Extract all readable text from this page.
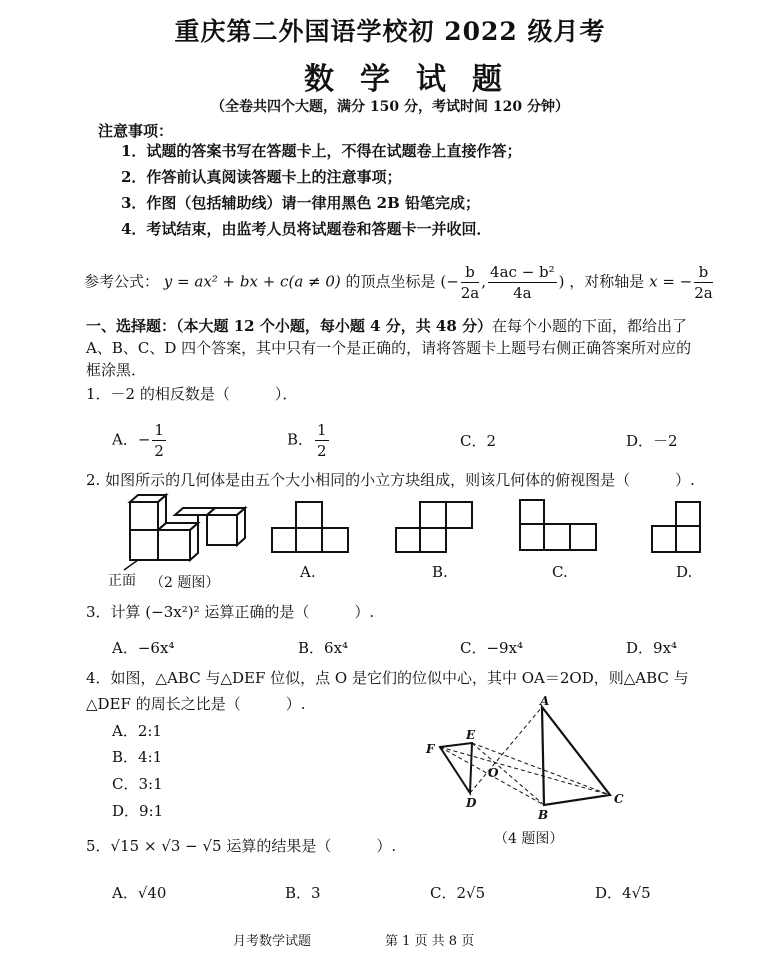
重庆第二外国语学校初 2022 级月考
数学试题
（全卷共四个大题，满分 150 分，考试时间 120 分钟）
注意事项：
1．试题的答案书写在答题卡上，不得在试题卷上直接作答；
2．作答前认真阅读答题卡上的注意事项；
3．作图（包括辅助线）请一律用黑色 2B 铅笔完成；
4．考试结束，由监考人员将试题卷和答题卡一并收回．
参考公式： y = ax² + bx + c(a ≠ 0) 的顶点坐标是 (− $\frac{b}{2a}$ , $\frac{\text{4ac − b²}}{4a}$ ) ，对称轴是 x = − $\frac{b}{2a}$
一、选择题：（本大题 12 个小题，每小题 4 分，共 48 分）在每个小题的下面，都给出了 A、B、C、D 四个答案，其中只有一个是正确的，请将答题卡上题号右侧正确答案所对应的框涂黑．
1．－2 的相反数是（　　　）．
A．− $\frac{1}{2}$	B． $\frac{1}{2}$	C．2	D．－2
2. 如图所示的几何体是由五个大小相同的小立方块组成，则该几何体的俯视图是（　　　）.
正面 （2 题图）
A.	B.	C.	D.
3．计算 (−3x²)² 运算正确的是（　　　）.
A．−6x⁴	B．6x⁴	C．−9x⁴	D．9x⁴
4．如图，△ABC 与△DEF 位似，点 O 是它们的位似中心，其中 OA＝2OD，则△ABC 与
△DEF 的周长之比是（　　　）.
A．2:1
B．4:1
C．3:1
D．9:1
A
C
B
D
E
F
O
（4 题图）
5．√15 × √3 − √5 运算的结果是（　　　）.
A．√40	B．3	C．2√5	D．4√5
月考数学试题	第 1 页 共 8 页
